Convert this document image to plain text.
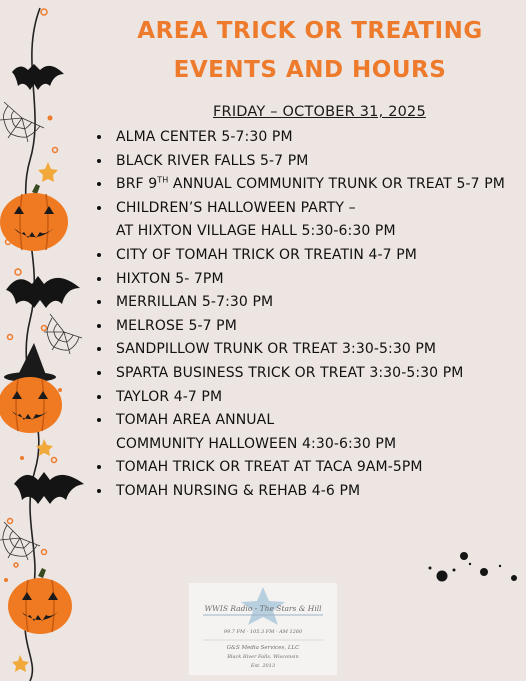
AREA TRICK OR TREATING
EVENTS AND HOURS
FRIDAY – OCTOBER 31, 2025
• ALMA CENTER 5-7:30 PM
• BLACK RIVER FALLS 5-7 PM
• BRF 9TH ANNUAL COMMUNITY TRUNK OR TREAT 5-7 PM
• CHILDREN’S HALLOWEEN PARTY –
AT HIXTON VILLAGE HALL 5:30-6:30 PM
• CITY OF TOMAH TRICK OR TREATIN 4-7 PM
• HIXTON 5- 7PM
• MERRILLAN 5-7:30 PM
• MELROSE 5-7 PM
• SANDPILLOW TRUNK OR TREAT 3:30-5:30 PM
• SPARTA BUSINESS TRICK OR TREAT 3:30-5:30 PM
• TAYLOR 4-7 PM
• TOMAH AREA ANNUAL
COMMUNITY HALLOWEEN 4:30-6:30 PM
• TOMAH TRICK OR TREAT AT TACA 9AM-5PM
• TOMAH NURSING & REHAB 4-6 PM
WWIS Radio - The Stars & Hill
99.7 FM · 105.3 FM · AM 1260
G&S Media Services, LLC
Black River Falls, Wisconsin
Est. 2013
